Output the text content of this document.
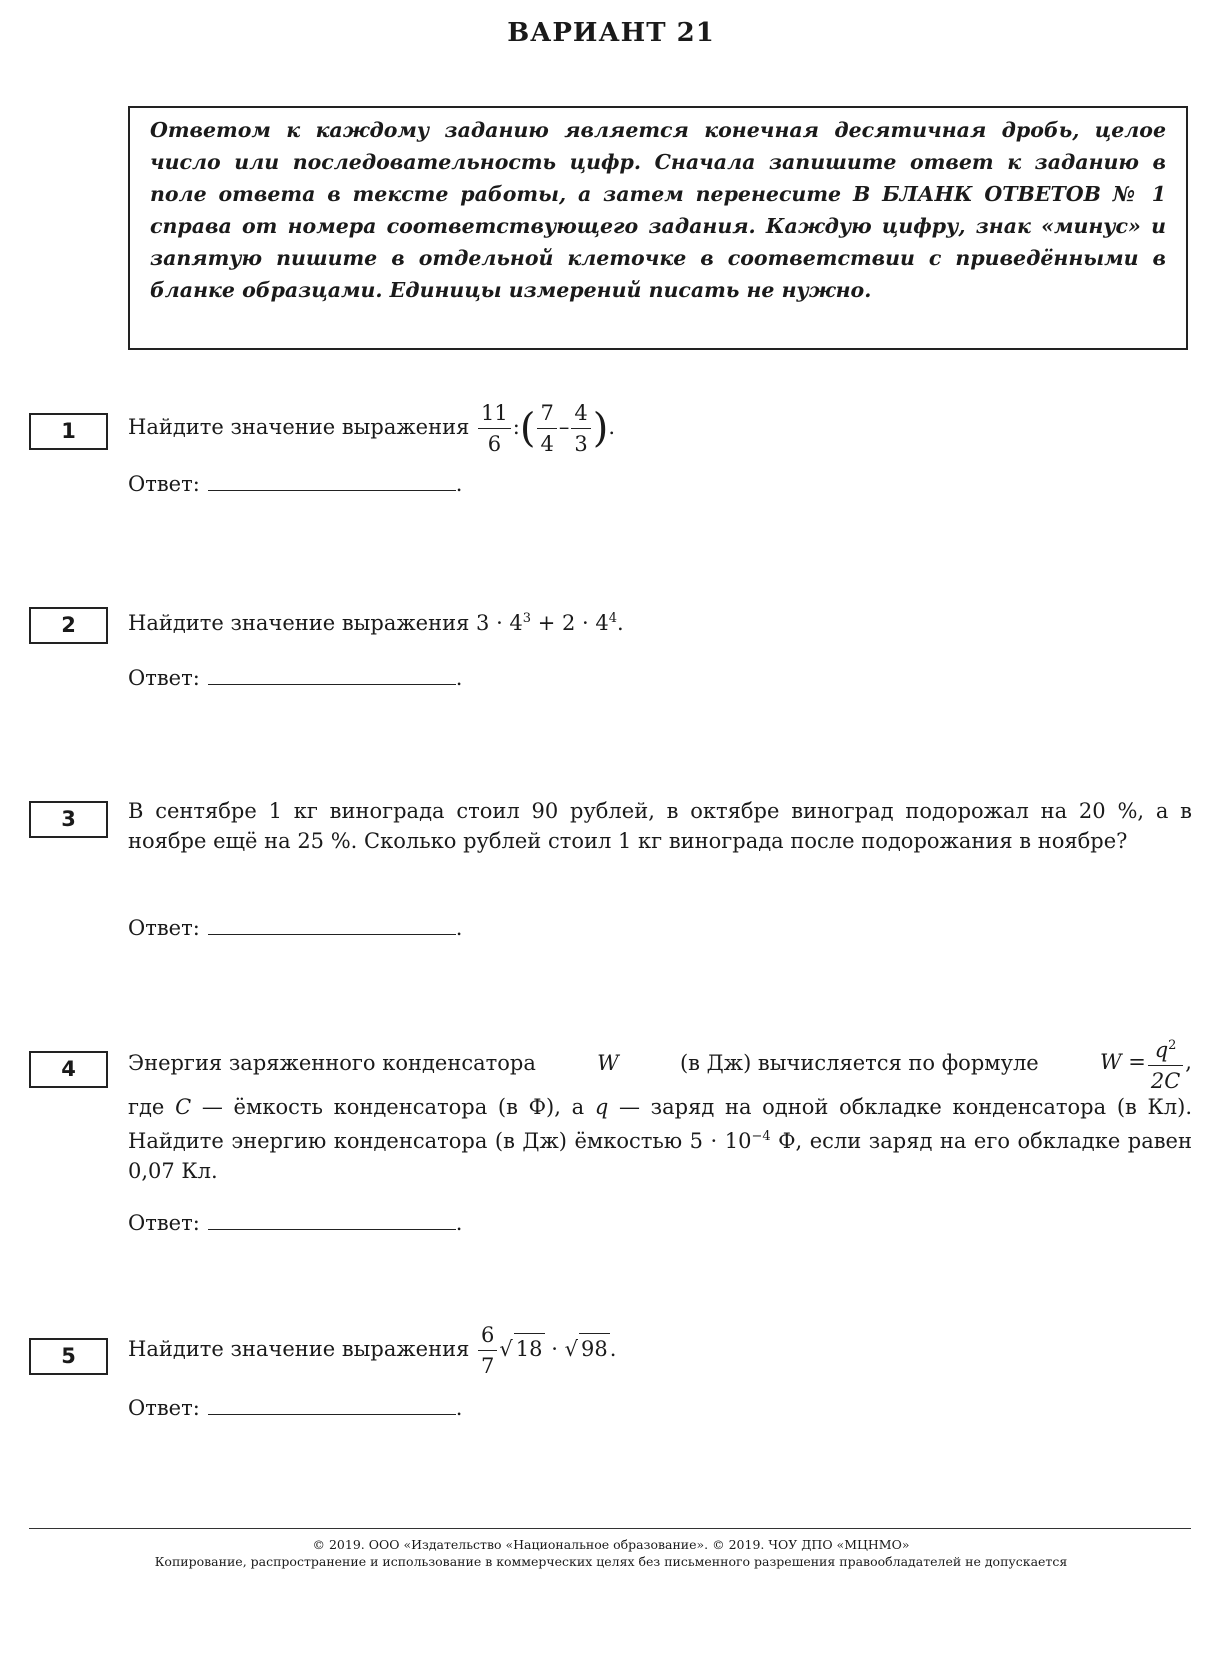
ВАРИАНТ 21
Ответом к каждому заданию является конечная десятичная дробь, целое число или последовательность цифр. Сначала запишите ответ к заданию в поле ответа в тексте работы, а затем перенесите В БЛАНК ОТВЕТОВ № 1 справа от номера соответствующего задания. Каждую цифру, знак «минус» и запятую пишите в отдельной клеточке в соответствии с приведёнными в бланке образцами. Единицы измерений писать не нужно.
1	Найдите значение выражения $\frac{11}{6}$ :( $\frac{7}{4} - \frac{4}{3}$ ).
Ответ:	.
2	Найдите значение выражения $3 \cdot 4^3 + 2 \cdot 4^4$.
Ответ:	.
3	В сентябре 1 кг винограда стоил 90 рублей, в октябре виноград подорожал на 20 %, а в ноябре ещё на 25 %. Сколько рублей стоил 1 кг винограда после подорожания в ноябре?
Ответ:	.
4	Энергия заряженного конденсатора	W	(в Дж) вычисляется по формуле	$W = \frac{q^2}{2C}$ ,
где C — ёмкость конденсатора (в Ф), а q — заряд на одной обкладке конденсатора (в Кл). Найдите энергию конденсатора (в Дж) ёмкостью $5 \cdot 10^{-4}$ Ф, если заряд на его обкладке равен 0,07 Кл.
Ответ:	.
5	Найдите значение выражения $\frac{6}{7}$ √ 18 · √ 98.
Ответ:	.
© 2019. ООО «Издательство «Национальное образование». © 2019. ЧОУ ДПО «МЦНМО»
Копирование, распространение и использование в коммерческих целях без письменного разрешения правообладателей не допускается
